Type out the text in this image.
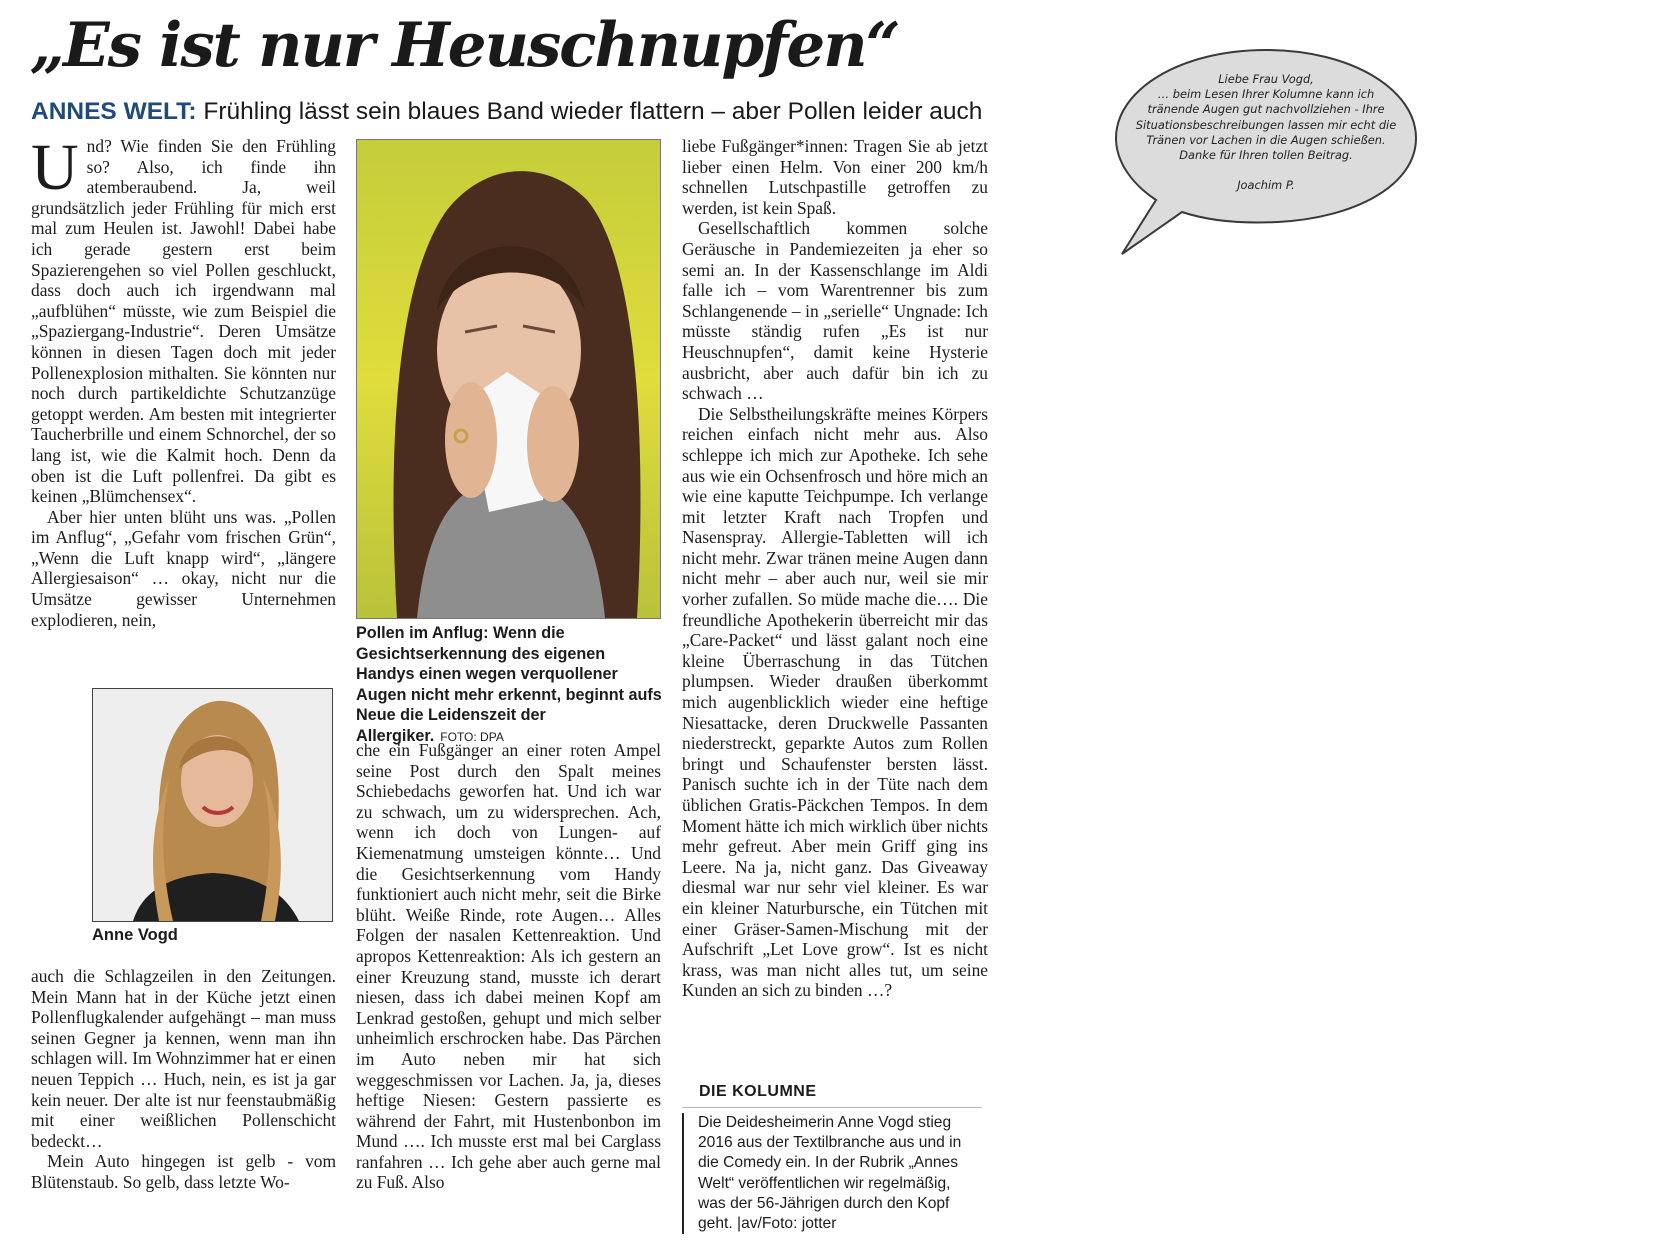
„Es ist nur Heuschnupfen“
ANNES WELT: Frühling lässt sein blaues Band wieder flattern – aber Pollen leider auch

Und? Wie finden Sie den Frühling so? Also, ich finde ihn atemberaubend. Ja, weil grundsätzlich jeder Frühling für mich erst mal zum Heulen ist. Jawohl! Dabei habe ich gerade gestern erst beim Spazierengehen so viel Pollen geschluckt, dass doch auch ich irgendwann mal „aufblühen“ müsste, wie zum Beispiel die „Spaziergang-Industrie“. Deren Umsätze können in diesen Tagen doch mit jeder Pollenexplosion mithalten. Sie könnten nur noch durch partikeldichte Schutzanzüge getoppt werden. Am besten mit integrierter Taucherbrille und einem Schnorchel, der so lang ist, wie die Kalmit hoch. Denn da oben ist die Luft pollenfrei. Da gibt es keinen „Blümchensex“.

Aber hier unten blüht uns was. „Pollen im Anflug“, „Gefahr vom frischen Grün“, „Wenn die Luft knapp wird“, „längere Allergiesaison“ … okay, nicht nur die Umsätze gewisser Unternehmen explodieren, nein,

Anne Vogd

auch die Schlagzeilen in den Zeitungen. Mein Mann hat in der Küche jetzt einen Pollenflugkalender aufgehängt – man muss seinen Gegner ja kennen, wenn man ihn schlagen will. Im Wohnzimmer hat er einen neuen Teppich … Huch, nein, es ist ja gar kein neuer. Der alte ist nur feenstaubmäßig mit einer weißlichen Pollenschicht bedeckt…

Mein Auto hingegen ist gelb - vom Blütenstaub. So gelb, dass letzte Wo-

Pollen im Anflug: Wenn die Gesichtserkennung des eigenen Handys einen wegen verquollener Augen nicht mehr erkennt, beginnt aufs Neue die Leidenszeit der Allergiker. FOTO: DPA

che ein Fußgänger an einer roten Ampel seine Post durch den Spalt meines Schiebedachs geworfen hat. Und ich war zu schwach, um zu widersprechen. Ach, wenn ich doch von Lungen- auf Kiemenatmung umsteigen könnte… Und die Gesichtserkennung vom Handy funktioniert auch nicht mehr, seit die Birke blüht. Weiße Rinde, rote Augen… Alles Folgen der nasalen Kettenreaktion. Und apropos Kettenreaktion: Als ich gestern an einer Kreuzung stand, musste ich derart niesen, dass ich dabei meinen Kopf am Lenkrad gestoßen, gehupt und mich selber unheimlich erschrocken habe. Das Pärchen im Auto neben mir hat sich weggeschmissen vor Lachen. Ja, ja, dieses heftige Niesen: Gestern passierte es während der Fahrt, mit Hustenbonbon im Mund …. Ich musste erst mal bei Carglass ranfahren … Ich gehe aber auch gerne mal zu Fuß. Also

liebe Fußgänger*innen: Tragen Sie ab jetzt lieber einen Helm. Von einer 200 km/h schnellen Lutschpastille getroffen zu werden, ist kein Spaß.

Gesellschaftlich kommen solche Geräusche in Pandemiezeiten ja eher so semi an. In der Kassenschlange im Aldi falle ich – vom Warentrenner bis zum Schlangenende – in „serielle“ Ungnade: Ich müsste ständig rufen „Es ist nur Heuschnupfen“, damit keine Hysterie ausbricht, aber auch dafür bin ich zu schwach …

Die Selbstheilungskräfte meines Körpers reichen einfach nicht mehr aus. Also schleppe ich mich zur Apotheke. Ich sehe aus wie ein Ochsenfrosch und höre mich an wie eine kaputte Teichpumpe. Ich verlange mit letzter Kraft nach Tropfen und Nasenspray. Allergie-Tabletten will ich nicht mehr. Zwar tränen meine Augen dann nicht mehr – aber auch nur, weil sie mir vorher zufallen. So müde mache die…. Die freundliche Apothekerin überreicht mir das „Care-Packet“ und lässt galant noch eine kleine Überraschung in das Tütchen plumpsen. Wieder draußen überkommt mich augenblicklich wieder eine heftige Niesattacke, deren Druckwelle Passanten niederstreckt, geparkte Autos zum Rollen bringt und Schaufenster bersten lässt. Panisch suchte ich in der Tüte nach dem üblichen Gratis-Päckchen Tempos. In dem Moment hätte ich mich wirklich über nichts mehr gefreut. Aber mein Griff ging ins Leere. Na ja, nicht ganz. Das Giveaway diesmal war nur sehr viel kleiner. Es war ein kleiner Naturbursche, ein Tütchen mit einer Gräser-Samen-Mischung mit der Aufschrift „Let Love grow“. Ist es nicht krass, was man nicht alles tut, um seine Kunden an sich zu binden …?

DIE KOLUMNE
Die Deidesheimerin Anne Vogd stieg 2016 aus der Textilbranche aus und in die Comedy ein. In der Rubrik „Annes Welt“ veröffentlichen wir regelmäßig, was der 56-Jährigen durch den Kopf geht. |av/Foto: jotter
Liebe Frau Vogd,
… beim Lesen Ihrer Kolumne kann ich
tränende Augen gut nachvollziehen - Ihre
Situationsbeschreibungen lassen mir echt die
Tränen vor Lachen in die Augen schießen.
Danke für Ihren tollen Beitrag.
Joachim P.
